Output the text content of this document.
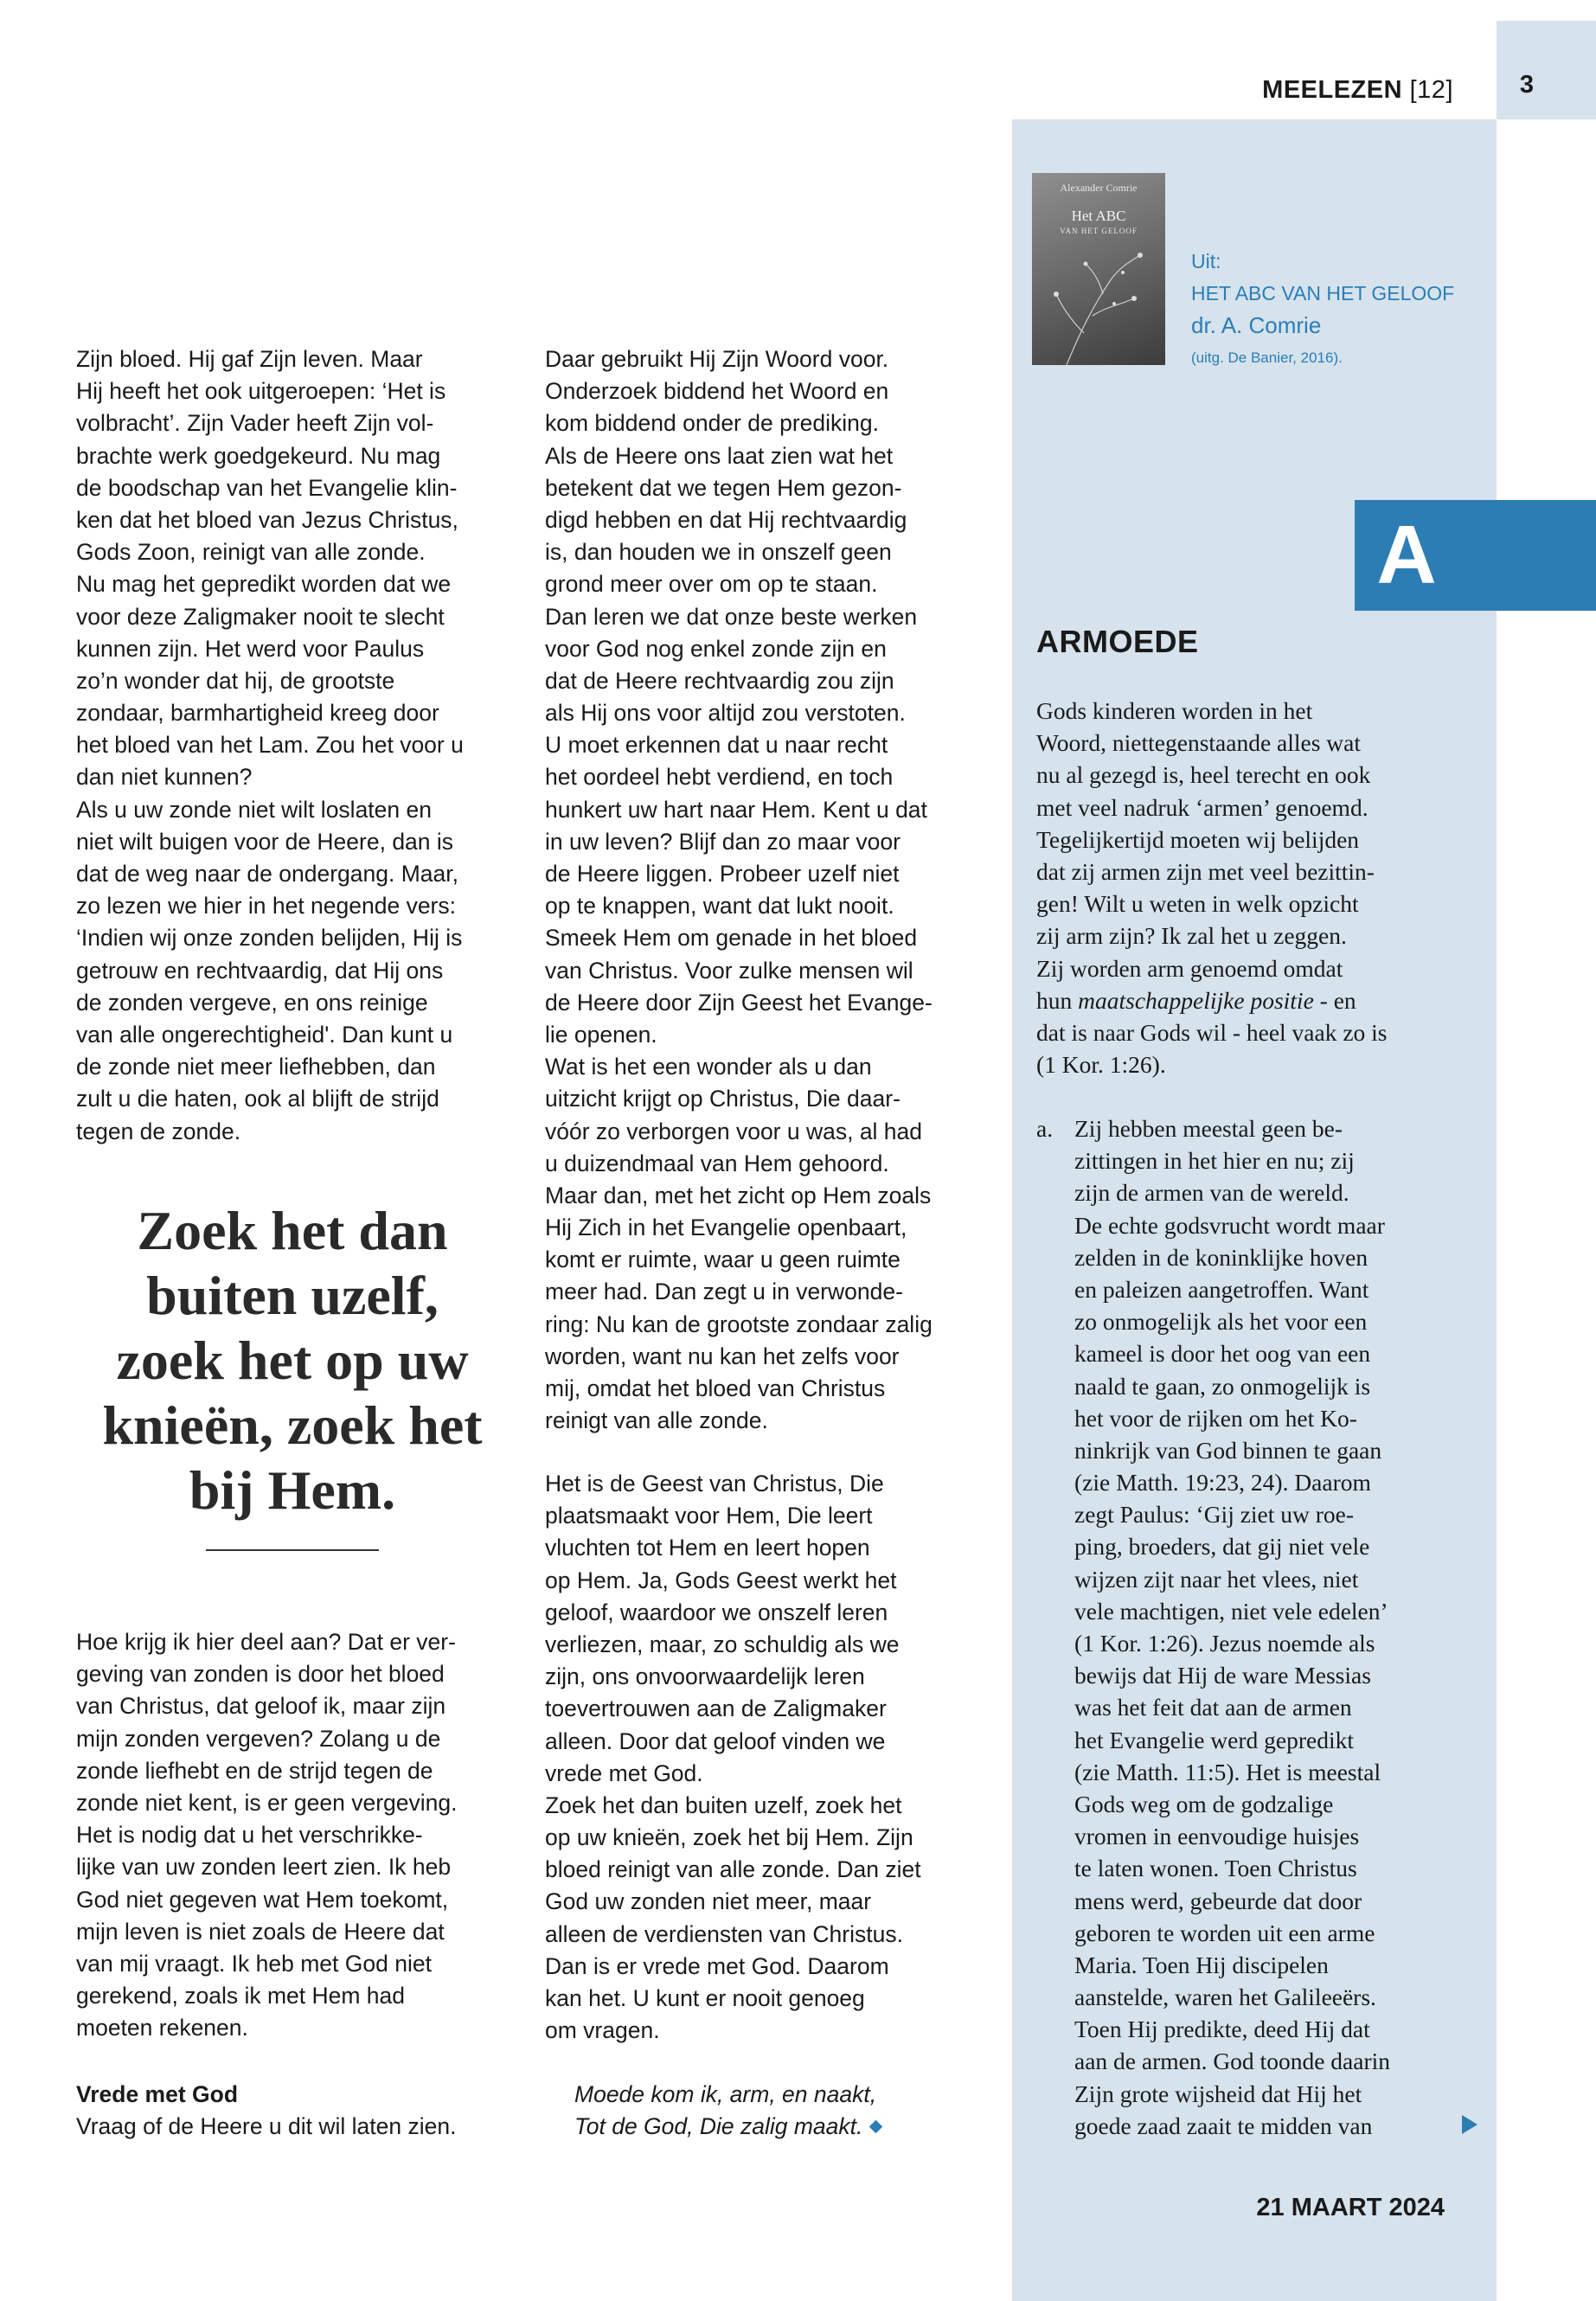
MEELEZEN [12]	3
Alexander Comrie
Het ABC
VAN HET GELOOF
Uit:
HET ABC VAN HET GELOOF
dr. A. Comrie
(uitg. De Banier, 2016).
A
ARMOEDE
Gods kinderen worden in het
Woord, niettegenstaande alles wat
nu al gezegd is, heel terecht en ook
met veel nadruk ‘armen’ genoemd.
Tegelijkertijd moeten wij belijden
dat zij armen zijn met veel bezittin-
gen! Wilt u weten in welk opzicht
zij arm zijn? Ik zal het u zeggen.
Zij worden arm genoemd omdat
hun maatschappelijke positie - en
dat is naar Gods wil - heel vaak zo is
(1 Kor. 1:26).
a. Zij hebben meestal geen be-
zittingen in het hier en nu; zij
zijn de armen van de wereld.
De echte godsvrucht wordt maar
zelden in de koninklijke hoven
en paleizen aangetroffen. Want
zo onmogelijk als het voor een
kameel is door het oog van een
naald te gaan, zo onmogelijk is
het voor de rijken om het Ko-
ninkrijk van God binnen te gaan
(zie Matth. 19:23, 24). Daarom
zegt Paulus: ‘Gij ziet uw roe-
ping, broeders, dat gij niet vele
wijzen zijt naar het vlees, niet
vele machtigen, niet vele edelen’
(1 Kor. 1:26). Jezus noemde als
bewijs dat Hij de ware Messias
was het feit dat aan de armen
het Evangelie werd gepredikt
(zie Matth. 11:5). Het is meestal
Gods weg om de godzalige
vromen in eenvoudige huisjes
te laten wonen. Toen Christus
mens werd, gebeurde dat door
geboren te worden uit een arme
Maria. Toen Hij discipelen
aanstelde, waren het Galileeërs.
Toen Hij predikte, deed Hij dat
aan de armen. God toonde daarin
Zijn grote wijsheid dat Hij het
goede zaad zaait te midden van
Zijn bloed. Hij gaf Zijn leven. Maar
Hij heeft het ook uitgeroepen: ‘Het is
volbracht’. Zijn Vader heeft Zijn vol-
brachte werk goedgekeurd. Nu mag
de boodschap van het Evangelie klin-
ken dat het bloed van Jezus Christus,
Gods Zoon, reinigt van alle zonde.
Nu mag het gepredikt worden dat we
voor deze Zaligmaker nooit te slecht
kunnen zijn. Het werd voor Paulus
zo’n wonder dat hij, de grootste
zondaar, barmhartigheid kreeg door
het bloed van het Lam. Zou het voor u
dan niet kunnen?
Als u uw zonde niet wilt loslaten en
niet wilt buigen voor de Heere, dan is
dat de weg naar de ondergang. Maar,
zo lezen we hier in het negende vers:
‘Indien wij onze zonden belijden, Hij is
getrouw en rechtvaardig, dat Hij ons
de zonden vergeve, en ons reinige
van alle ongerechtigheid'. Dan kunt u
de zonde niet meer liefhebben, dan
zult u die haten, ook al blijft de strijd
tegen de zonde.
Zoek het dan
buiten uzelf,
zoek het op uw
knieën, zoek het
bij Hem.
Hoe krijg ik hier deel aan? Dat er ver-
geving van zonden is door het bloed
van Christus, dat geloof ik, maar zijn
mijn zonden vergeven? Zolang u de
zonde liefhebt en de strijd tegen de
zonde niet kent, is er geen vergeving.
Het is nodig dat u het verschrikke-
lijke van uw zonden leert zien. Ik heb
God niet gegeven wat Hem toekomt,
mijn leven is niet zoals de Heere dat
van mij vraagt. Ik heb met God niet
gerekend, zoals ik met Hem had
moeten rekenen.
Vrede met God
Vraag of de Heere u dit wil laten zien.
Daar gebruikt Hij Zijn Woord voor.
Onderzoek biddend het Woord en
kom biddend onder de prediking.
Als de Heere ons laat zien wat het
betekent dat we tegen Hem gezon-
digd hebben en dat Hij rechtvaardig
is, dan houden we in onszelf geen
grond meer over om op te staan.
Dan leren we dat onze beste werken
voor God nog enkel zonde zijn en
dat de Heere rechtvaardig zou zijn
als Hij ons voor altijd zou verstoten.
U moet erkennen dat u naar recht
het oordeel hebt verdiend, en toch
hunkert uw hart naar Hem. Kent u dat
in uw leven? Blijf dan zo maar voor
de Heere liggen. Probeer uzelf niet
op te knappen, want dat lukt nooit.
Smeek Hem om genade in het bloed
van Christus. Voor zulke mensen wil
de Heere door Zijn Geest het Evange-
lie openen.
Wat is het een wonder als u dan
uitzicht krijgt op Christus, Die daar-
vóór zo verborgen voor u was, al had
u duizendmaal van Hem gehoord.
Maar dan, met het zicht op Hem zoals
Hij Zich in het Evangelie openbaart,
komt er ruimte, waar u geen ruimte
meer had. Dan zegt u in verwonde-
ring: Nu kan de grootste zondaar zalig
worden, want nu kan het zelfs voor
mij, omdat het bloed van Christus
reinigt van alle zonde.
Het is de Geest van Christus, Die
plaatsmaakt voor Hem, Die leert
vluchten tot Hem en leert hopen
op Hem. Ja, Gods Geest werkt het
geloof, waardoor we onszelf leren
verliezen, maar, zo schuldig als we
zijn, ons onvoorwaardelijk leren
toevertrouwen aan de Zaligmaker
alleen. Door dat geloof vinden we
vrede met God.
Zoek het dan buiten uzelf, zoek het
op uw knieën, zoek het bij Hem. Zijn
bloed reinigt van alle zonde. Dan ziet
God uw zonden niet meer, maar
alleen de verdiensten van Christus.
Dan is er vrede met God. Daarom
kan het. U kunt er nooit genoeg
om vragen.
Moede kom ik, arm, en naakt,
Tot de God, Die zalig maakt.
21 MAART 2024
